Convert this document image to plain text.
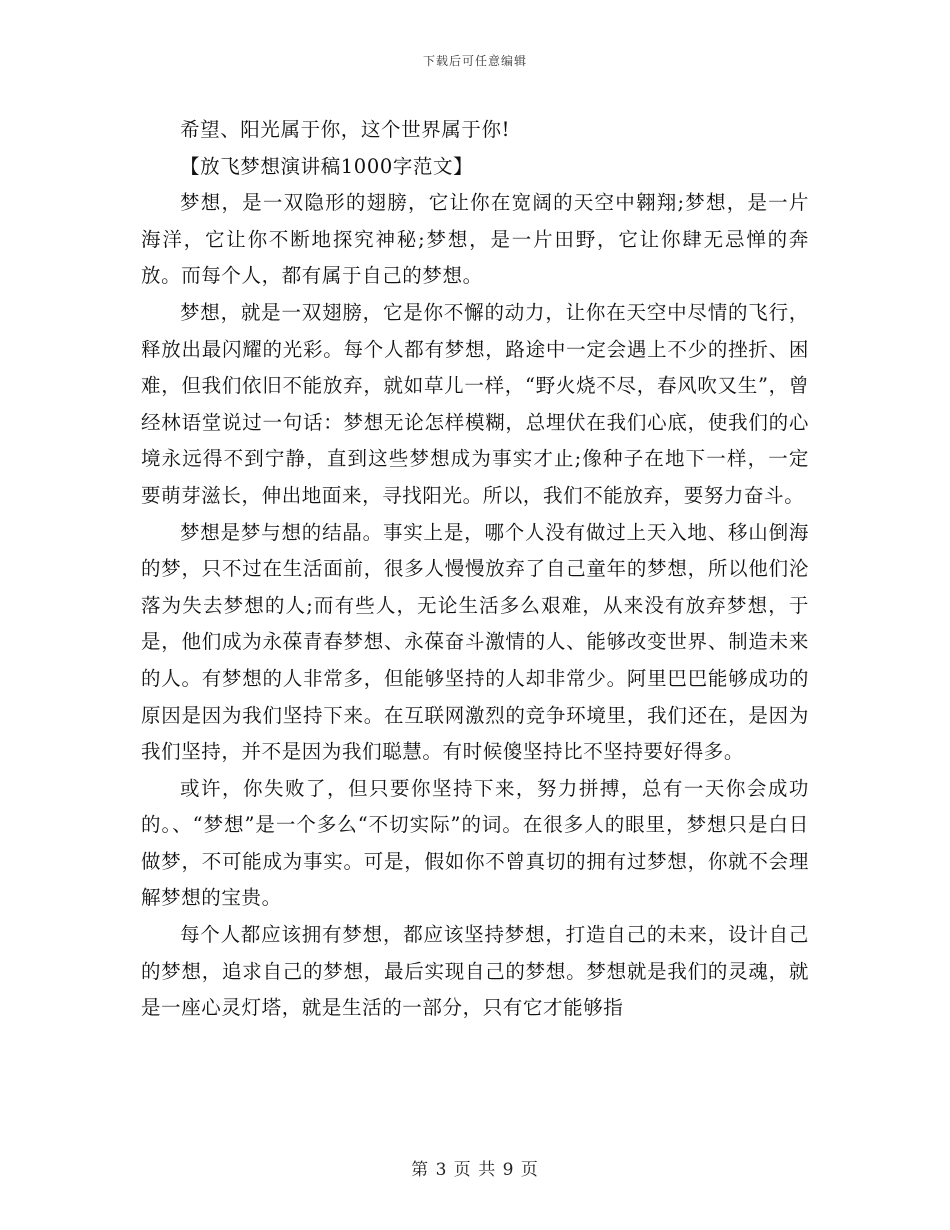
下载后可任意编辑

希望、阳光属于你，这个世界属于你!

【放飞梦想演讲稿1000字范文】

梦想，是一双隐形的翅膀，它让你在宽阔的天空中翱翔;梦想，是一片海洋，它让你不断地探究神秘;梦想，是一片田野，它让你肆无忌惮的奔放。而每个人，都有属于自己的梦想。

梦想，就是一双翅膀，它是你不懈的动力，让你在天空中尽情的飞行，释放出最闪耀的光彩。每个人都有梦想，路途中一定会遇上不少的挫折、困难，但我们依旧不能放弃，就如草儿一样，“野火烧不尽，春风吹又生”，曾经林语堂说过一句话：梦想无论怎样模糊，总埋伏在我们心底，使我们的心境永远得不到宁静，直到这些梦想成为事实才止;像种子在地下一样，一定要萌芽滋长，伸出地面来，寻找阳光。所以，我们不能放弃，要努力奋斗。

梦想是梦与想的结晶。事实上是，哪个人没有做过上天入地、移山倒海的梦，只不过在生活面前，很多人慢慢放弃了自己童年的梦想，所以他们沦落为失去梦想的人;而有些人，无论生活多么艰难，从来没有放弃梦想，于是，他们成为永葆青春梦想、永葆奋斗激情的人、能够改变世界、制造未来的人。有梦想的人非常多，但能够坚持的人却非常少。阿里巴巴能够成功的原因是因为我们坚持下来。在互联网激烈的竞争环境里，我们还在，是因为我们坚持，并不是因为我们聪慧。有时候傻坚持比不坚持要好得多。

或许，你失败了，但只要你坚持下来，努力拼搏，总有一天你会成功的。、“梦想”是一个多么“不切实际”的词。在很多人的眼里，梦想只是白日做梦，不可能成为事实。可是，假如你不曾真切的拥有过梦想，你就不会理解梦想的宝贵。

每个人都应该拥有梦想，都应该坚持梦想，打造自己的未来，设计自己的梦想，追求自己的梦想，最后实现自己的梦想。梦想就是我们的灵魂，就是一座心灵灯塔，就是生活的一部分，只有它才能够指

第 3 页 共 9 页
